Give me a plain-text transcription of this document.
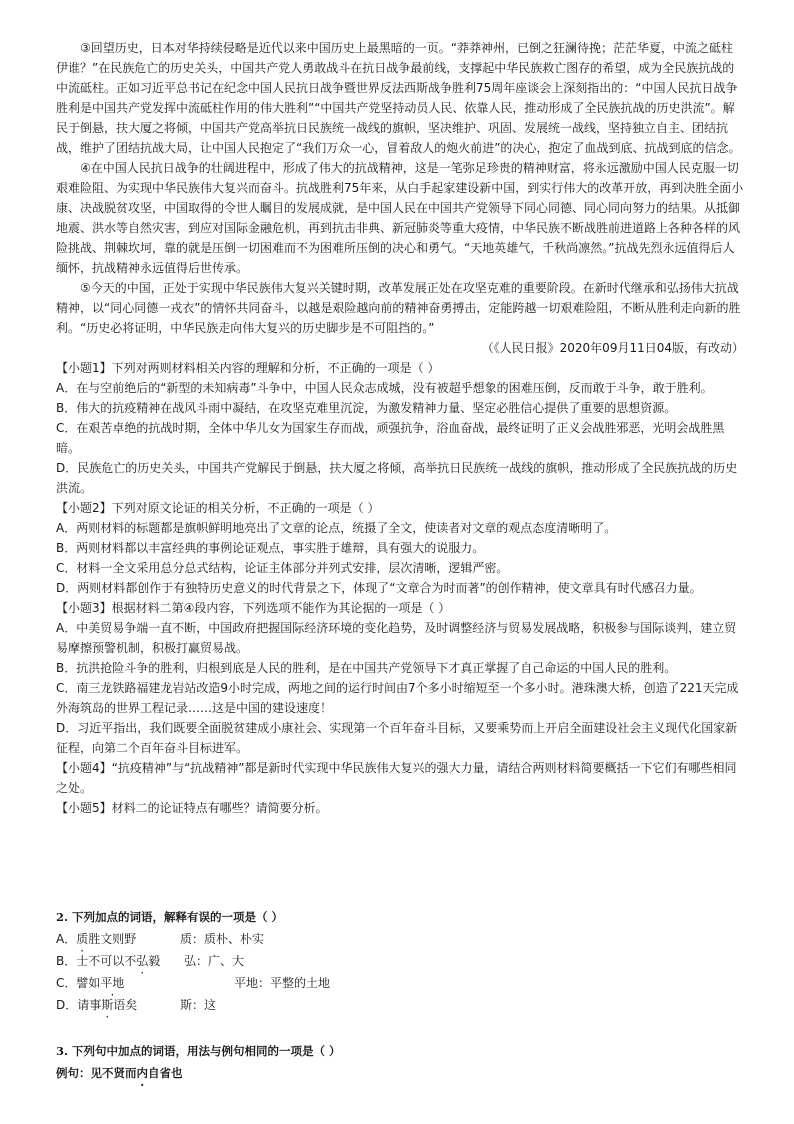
③回望历史，日本对华持续侵略是近代以来中国历史上最黑暗的一页。“莽莽神州，已倒之狂澜待挽；茫茫华夏，中流之砥柱伊谁？”在民族危亡的历史关头，中国共产党人勇敢战斗在抗日战争最前线，支撑起中华民族救亡图存的希望，成为全民族抗战的中流砥柱。正如习近平总书记在纪念中国人民抗日战争暨世界反法西斯战争胜利75周年座谈会上深刻指出的：“中国人民抗日战争胜利是中国共产党发挥中流砥柱作用的伟大胜利”“中国共产党坚持动员人民、依靠人民，推动形成了全民族抗战的历史洪流”。解民于倒悬，扶大厦之将倾，中国共产党高举抗日民族统一战线的旗帜，坚决维护、巩固、发展统一战线，坚持独立自主、团结抗战，维护了团结抗战大局，让中国人民抱定了“我们万众一心，冒着敌人的炮火前进”的决心，抱定了血战到底、抗战到底的信念。

④在中国人民抗日战争的壮阔进程中，形成了伟大的抗战精神，这是一笔弥足珍贵的精神财富，将永远激励中国人民克服一切艰难险阻、为实现中华民族伟大复兴而奋斗。抗战胜利75年来，从白手起家建设新中国，到实行伟大的改革开放，再到决胜全面小康、决战脱贫攻坚，中国取得的令世人瞩目的发展成就，是中国人民在中国共产党领导下同心同德、同心同向努力的结果。从抵御地震、洪水等自然灾害，到应对国际金融危机，再到抗击非典、新冠肺炎等重大疫情，中华民族不断战胜前进道路上各种各样的风险挑战、荆棘坎坷，靠的就是压倒一切困难而不为困难所压倒的决心和勇气。“天地英雄气，千秋尚凛然。”抗战先烈永远值得后人缅怀，抗战精神永远值得后世传承。

⑤今天的中国，正处于实现中华民族伟大复兴关键时期，改革发展正处在攻坚克难的重要阶段。在新时代继承和弘扬伟大抗战精神，以“同心同德一戎衣”的情怀共同奋斗，以越是艰险越向前的精神奋勇搏击，定能跨越一切艰难险阻，不断从胜利走向新的胜利。“历史必将证明，中华民族走向伟大复兴的历史脚步是不可阻挡的。”

（《人民日报》2020年09月11日04版，有改动）

【小题1】下列对两则材料相关内容的理解和分析，不正确的一项是（ ）

A．在与空前绝后的“新型的未知病毒”斗争中，中国人民众志成城，没有被超乎想象的困难压倒，反而敢于斗争，敢于胜利。

B．伟大的抗疫精神在战风斗雨中凝结，在攻坚克难里沉淀，为激发精神力量、坚定必胜信心提供了重要的思想资源。

C．在艰苦卓绝的抗战时期，全体中华儿女为国家生存而战，顽强抗争，浴血奋战，最终证明了正义会战胜邪恶，光明会战胜黑暗。

D．民族危亡的历史关头，中国共产党解民于倒悬，扶大厦之将倾，高举抗日民族统一战线的旗帜，推动形成了全民族抗战的历史洪流。

【小题2】下列对原文论证的相关分析，不正确的一项是（ ）

A．两则材料的标题都是旗帜鲜明地亮出了文章的论点，统摄了全文，使读者对文章的观点态度清晰明了。

B．两则材料都以丰富经典的事例论证观点，事实胜于雄辩，具有强大的说服力。

C．材料一全文采用总分总式结构，论证主体部分并列式安排，层次清晰，逻辑严密。

D．两则材料都创作于有独特历史意义的时代背景之下，体现了“文章合为时而著”的创作精神，使文章具有时代感召力量。

【小题3】根据材料二第④段内容，下列选项不能作为其论据的一项是（ ）

A．中美贸易争端一直不断，中国政府把握国际经济环境的变化趋势，及时调整经济与贸易发展战略，积极参与国际谈判，建立贸易摩擦预警机制，积极打赢贸易战。

B．抗洪抢险斗争的胜利，归根到底是人民的胜利，是在中国共产党领导下才真正掌握了自己命运的中国人民的胜利。

C．南三龙铁路福建龙岩站改造9小时完成，两地之间的运行时间由7个多小时缩短至一个多小时。港珠澳大桥，创造了221天完成外海筑岛的世界工程记录……这是中国的建设速度！

D．习近平指出，我们既要全面脱贫建成小康社会、实现第一个百年奋斗目标，又要乘势而上开启全面建设社会主义现代化国家新征程，向第二个百年奋斗目标进军。

【小题4】“抗疫精神”与“抗战精神”都是新时代实现中华民族伟大复兴的强大力量，请结合两则材料简要概括一下它们有哪些相同之处。

【小题5】材料二的论证特点有哪些？请简要分析。

2. 下列加点的词语，解释有误的一项是（ ）
A．质胜文则野	质：质朴、朴实
B．士不可以不弘毅 弘：广、大
C．譬如平地	平地：平整的土地
D．请事斯语矣	斯：这
3. 下列句中加点的词语，用法与例句相同的一项是（ ）
例句：见不贤而内自省也
